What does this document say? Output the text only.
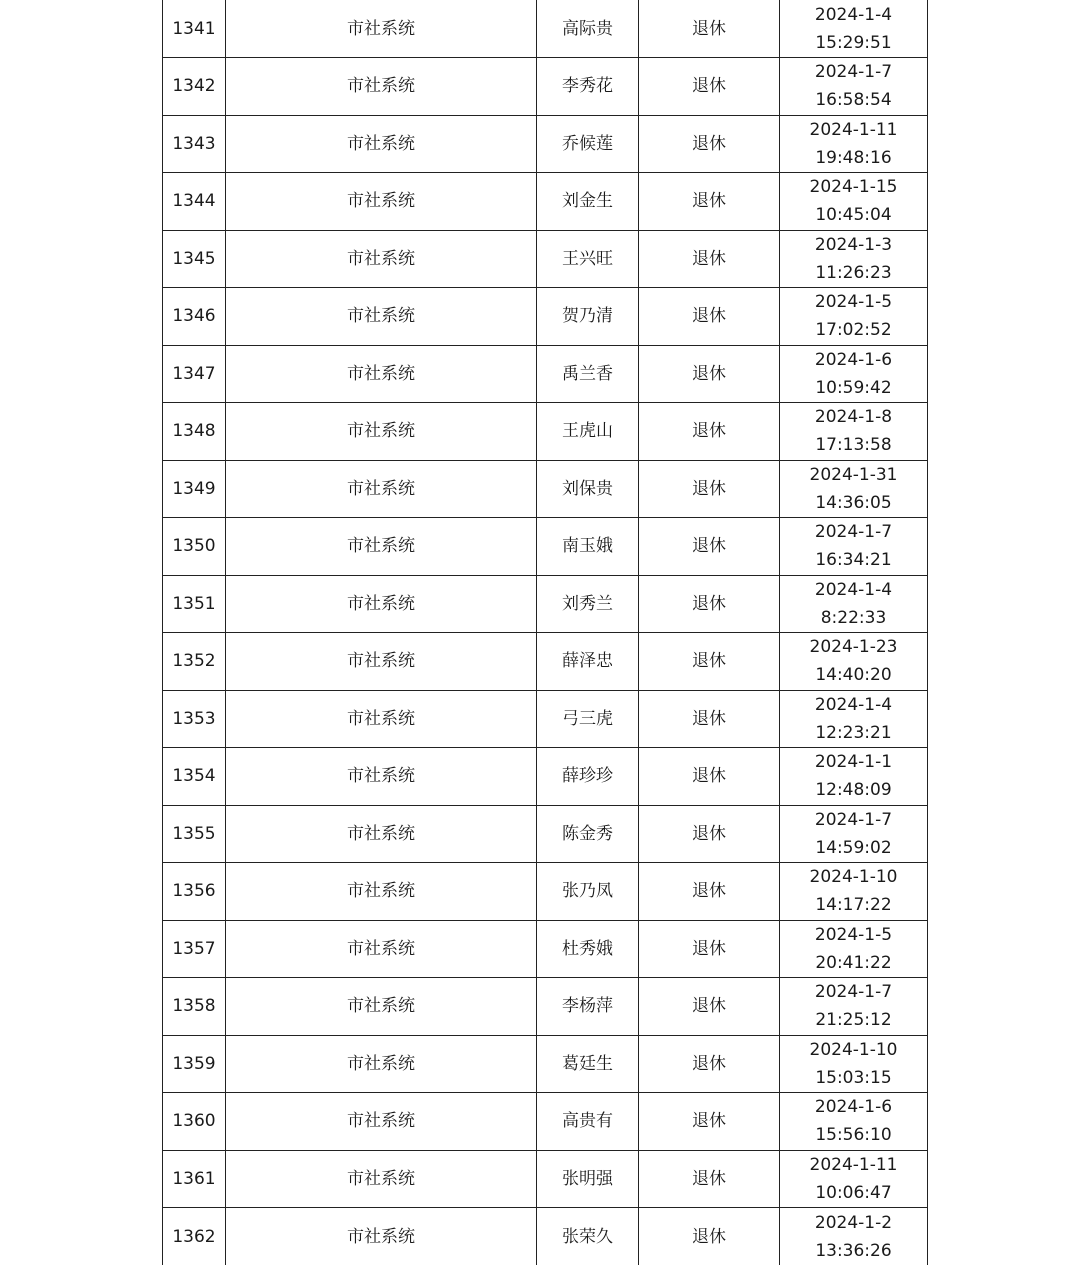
1341	市社系统	高际贵	退休	2024-1-4
15:29:51

1342	市社系统	李秀花	退休	2024-1-7
16:58:54

1343	市社系统	乔候莲	退休	2024-1-11
19:48:16

1344	市社系统	刘金生	退休	2024-1-15
10:45:04

1345	市社系统	王兴旺	退休	2024-1-3
11:26:23

1346	市社系统	贺乃清	退休	2024-1-5
17:02:52

1347	市社系统	禹兰香	退休	2024-1-6
10:59:42

1348	市社系统	王虎山	退休	2024-1-8
17:13:58

1349	市社系统	刘保贵	退休	2024-1-31
14:36:05

1350	市社系统	南玉娥	退休	2024-1-7
16:34:21

1351	市社系统	刘秀兰	退休	2024-1-4
8:22:33

1352	市社系统	薛泽忠	退休	2024-1-23
14:40:20

1353	市社系统	弓三虎	退休	2024-1-4
12:23:21

1354	市社系统	薛珍珍	退休	2024-1-1
12:48:09

1355	市社系统	陈金秀	退休	2024-1-7
14:59:02

1356	市社系统	张乃凤	退休	2024-1-10
14:17:22

1357	市社系统	杜秀娥	退休	2024-1-5
20:41:22

1358	市社系统	李杨萍	退休	2024-1-7
21:25:12

1359	市社系统	葛廷生	退休	2024-1-10
15:03:15

1360	市社系统	高贵有	退休	2024-1-6
15:56:10

1361	市社系统	张明强	退休	2024-1-11
10:06:47

1362	市社系统	张荣久	退休	2024-1-2
13:36:26
